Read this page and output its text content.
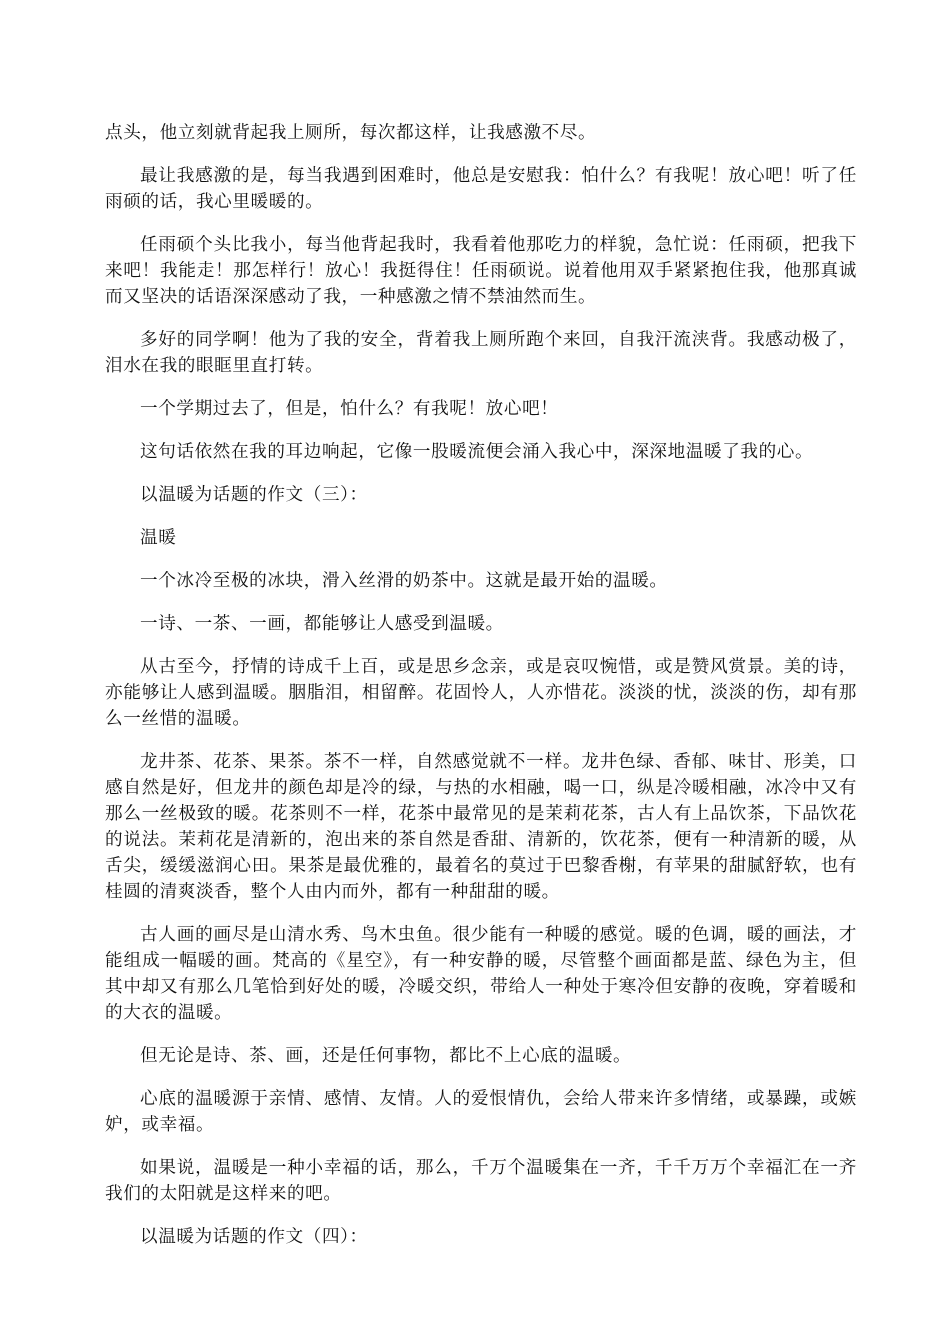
点头，他立刻就背起我上厕所，每次都这样，让我感激不尽。

最让我感激的是，每当我遇到困难时，他总是安慰我：怕什么？有我呢！放心吧！听了任雨硕的话，我心里暖暖的。

任雨硕个头比我小，每当他背起我时，我看着他那吃力的样貌，急忙说：任雨硕，把我下来吧！我能走！那怎样行！放心！我挺得住！任雨硕说。说着他用双手紧紧抱住我，他那真诚而又坚决的话语深深感动了我，一种感激之情不禁油然而生。

多好的同学啊！他为了我的安全，背着我上厕所跑个来回，自我汗流浃背。我感动极了，泪水在我的眼眶里直打转。

一个学期过去了，但是，怕什么？有我呢！放心吧！

这句话依然在我的耳边响起，它像一股暖流便会涌入我心中，深深地温暖了我的心。

以温暖为话题的作文（三）：

温暖

一个冰冷至极的冰块，滑入丝滑的奶茶中。这就是最开始的温暖。

一诗、一茶、一画，都能够让人感受到温暖。

从古至今，抒情的诗成千上百，或是思乡念亲，或是哀叹惋惜，或是赞风赏景。美的诗，亦能够让人感到温暖。胭脂泪，相留醉。花固怜人，人亦惜花。淡淡的忧，淡淡的伤，却有那么一丝惜的温暖。

龙井茶、花茶、果茶。茶不一样，自然感觉就不一样。龙井色绿、香郁、味甘、形美，口感自然是好，但龙井的颜色却是冷的绿，与热的水相融，喝一口，纵是冷暖相融，冰冷中又有那么一丝极致的暖。花茶则不一样，花茶中最常见的是茉莉花茶，古人有上品饮茶，下品饮花的说法。茉莉花是清新的，泡出来的茶自然是香甜、清新的，饮花茶，便有一种清新的暖，从舌尖，缓缓滋润心田。果茶是最优雅的，最着名的莫过于巴黎香榭，有苹果的甜腻舒软，也有桂圆的清爽淡香，整个人由内而外，都有一种甜甜的暖。

古人画的画尽是山清水秀、鸟木虫鱼。很少能有一种暖的感觉。暖的色调，暖的画法，才能组成一幅暖的画。梵高的《星空》，有一种安静的暖，尽管整个画面都是蓝、绿色为主，但其中却又有那么几笔恰到好处的暖，冷暖交织，带给人一种处于寒冷但安静的夜晚，穿着暖和的大衣的温暖。

但无论是诗、茶、画，还是任何事物，都比不上心底的温暖。

心底的温暖源于亲情、感情、友情。人的爱恨情仇，会给人带来许多情绪，或暴躁，或嫉妒，或幸福。

如果说，温暖是一种小幸福的话，那么，千万个温暖集在一齐，千千万万个幸福汇在一齐我们的太阳就是这样来的吧。

以温暖为话题的作文（四）：
